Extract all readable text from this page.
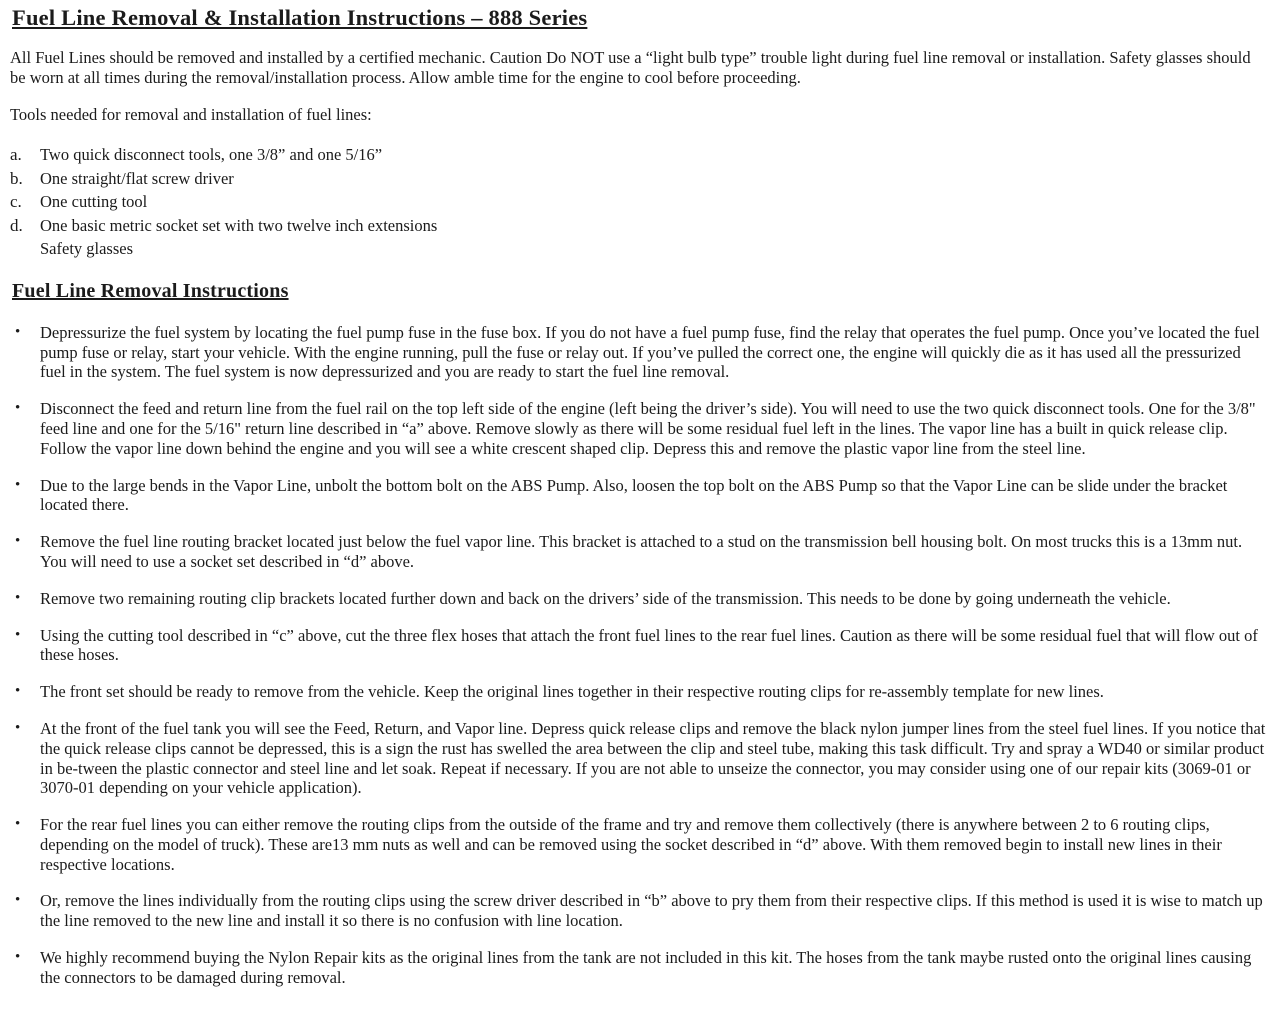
Fuel Line Removal & Installation Instructions – 888 Series

All Fuel Lines should be removed and installed by a certified mechanic. Caution Do NOT use a “light bulb type” trouble light during fuel line removal or installation. Safety glasses should be worn at all times during the removal/installation process. Allow amble time for the engine to cool before proceeding.

Tools needed for removal and installation of fuel lines:

a.	Two quick disconnect tools, one 3/8” and one 5/16”
b.	One straight/flat screw driver
c.	One cutting tool
d.	One basic metric socket set with two twelve inch extensions
Safety glasses
Fuel Line Removal Instructions
•	Depressurize the fuel system by locating the fuel pump fuse in the fuse box. If you do not have a fuel pump fuse, find the relay that operates the fuel pump. Once you’ve located the fuel pump fuse or relay, start your vehicle. With the engine running, pull the fuse or relay out. If you’ve pulled the correct one, the engine will quickly die as it has used all the pressurized fuel in the system. The fuel system is now depressurized and you are ready to start the fuel line removal.
•	Disconnect the feed and return line from the fuel rail on the top left side of the engine (left being the driver’s side). You will need to use the two quick disconnect tools. One for the 3/8" feed line and one for the 5/16" return line described in “a” above. Remove slowly as there will be some residual fuel left in the lines. The vapor line has a built in quick release clip. Follow the vapor line down behind the engine and you will see a white crescent shaped clip. Depress this and remove the plastic vapor line from the steel line.
•	Due to the large bends in the Vapor Line, unbolt the bottom bolt on the ABS Pump. Also, loosen the top bolt on the ABS Pump so that the Vapor Line can be slide under the bracket located there.
•	Remove the fuel line routing bracket located just below the fuel vapor line. This bracket is attached to a stud on the transmission bell housing bolt. On most trucks this is a 13mm nut. You will need to use a socket set described in “d” above.
•	Remove two remaining routing clip brackets located further down and back on the drivers’ side of the transmission. This needs to be done by going underneath the vehicle.
•	Using the cutting tool described in “c” above, cut the three flex hoses that attach the front fuel lines to the rear fuel lines. Caution as there will be some residual fuel that will flow out of these hoses.
•	The front set should be ready to remove from the vehicle. Keep the original lines together in their respective routing clips for re-assembly template for new lines.
•	At the front of the fuel tank you will see the Feed, Return, and Vapor line. Depress quick release clips and remove the black nylon jumper lines from the steel fuel lines. If you notice that the quick release clips cannot be depressed, this is a sign the rust has swelled the area between the clip and steel tube, making this task difficult. Try and spray a WD40 or similar product in be-tween the plastic connector and steel line and let soak. Repeat if necessary. If you are not able to unseize the connector, you may consider using one of our repair kits (3069-01 or 3070-01 depending on your vehicle application).
•	For the rear fuel lines you can either remove the routing clips from the outside of the frame and try and remove them collectively (there is anywhere between 2 to 6 routing clips, depending on the model of truck). These are13 mm nuts as well and can be removed using the socket described in “d” above. With them removed begin to install new lines in their respective locations.
•	Or, remove the lines individually from the routing clips using the screw driver described in “b” above to pry them from their respective clips. If this method is used it is wise to match up the line removed to the new line and install it so there is no confusion with line location.
•	We highly recommend buying the Nylon Repair kits as the original lines from the tank are not included in this kit. The hoses from the tank maybe rusted onto the original lines causing the connectors to be damaged during removal.
